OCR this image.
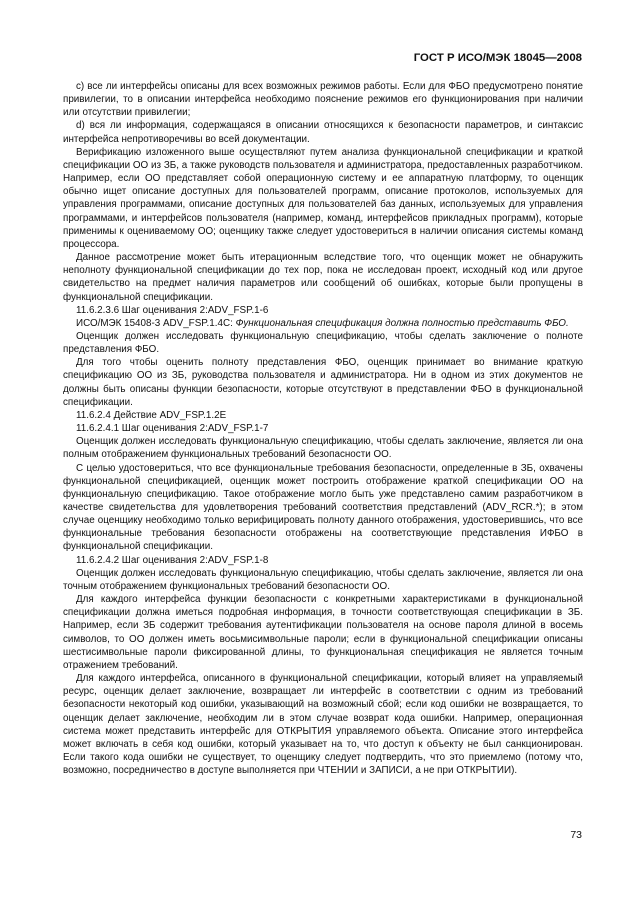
ГОСТ Р ИСО/МЭК 18045—2008

c) все ли интерфейсы описаны для всех возможных режимов работы. Если для ФБО предусмотрено понятие привилегии, то в описании интерфейса необходимо пояснение режимов его функционирования при наличии или отсутствии привилегии;

d) вся ли информация, содержащаяся в описании относящихся к безопасности параметров, и синтаксис интерфейса непротиворечивы во всей документации.

Верификацию изложенного выше осуществляют путем анализа функциональной спецификации и краткой спецификации ОО из ЗБ, а также руководств пользователя и администратора, предоставленных разработчиком. Например, если ОО представляет собой операционную систему и ее аппаратную платформу, то оценщик обычно ищет описание доступных для пользователей программ, описание протоколов, используемых для управления программами, описание доступных для пользователей баз данных, используемых для управления программами, и интерфейсов пользователя (например, команд, интерфейсов прикладных программ), которые применимы к оцениваемому ОО; оценщику также следует удостовериться в наличии описания системы команд процессора.

Данное рассмотрение может быть итерационным вследствие того, что оценщик может не обнаружить неполноту функциональной спецификации до тех пор, пока не исследован проект, исходный код или другое свидетельство на предмет наличия параметров или сообщений об ошибках, которые были пропущены в функциональной спецификации.

11.6.2.3.6 Шаг оценивания 2:ADV_FSP.1-6

ИСО/МЭК 15408-3 ADV_FSP.1.4С: Функциональная спецификация должна полностью представить ФБО.

Оценщик должен исследовать функциональную спецификацию, чтобы сделать заключение о полноте представления ФБО.

Для того чтобы оценить полноту представления ФБО, оценщик принимает во внимание краткую спецификацию ОО из ЗБ, руководства пользователя и администратора. Ни в одном из этих документов не должны быть описаны функции безопасности, которые отсутствуют в представлении ФБО в функциональной спецификации.

11.6.2.4 Действие ADV_FSP.1.2E

11.6.2.4.1 Шаг оценивания 2:ADV_FSP.1-7

Оценщик должен исследовать функциональную спецификацию, чтобы сделать заключение, является ли она полным отображением функциональных требований безопасности ОО.

С целью удостовериться, что все функциональные требования безопасности, определенные в ЗБ, охвачены функциональной спецификацией, оценщик может построить отображение краткой спецификации ОО на функциональную спецификацию. Такое отображение могло быть уже представлено самим разработчиком в качестве свидетельства для удовлетворения требований соответствия представлений (ADV_RCR.*); в этом случае оценщику необходимо только верифицировать полноту данного отображения, удостоверившись, что все функциональные требования безопасности отображены на соответствующие представления ИФБО в функциональной спецификации.

11.6.2.4.2 Шаг оценивания 2:ADV_FSP.1-8

Оценщик должен исследовать функциональную спецификацию, чтобы сделать заключение, является ли она точным отображением функциональных требований безопасности ОО.

Для каждого интерфейса функции безопасности с конкретными характеристиками в функциональной спецификации должна иметься подробная информация, в точности соответствующая спецификации в ЗБ. Например, если ЗБ содержит требования аутентификации пользователя на основе пароля длиной в восемь символов, то ОО должен иметь восьмисимвольные пароли; если в функциональной спецификации описаны шестисимвольные пароли фиксированной длины, то функциональная спецификация не является точным отражением требований.

Для каждого интерфейса, описанного в функциональной спецификации, который влияет на управляемый ресурс, оценщик делает заключение, возвращает ли интерфейс в соответствии с одним из требований безопасности некоторый код ошибки, указывающий на возможный сбой; если код ошибки не возвращается, то оценщик делает заключение, необходим ли в этом случае возврат кода ошибки. Например, операционная система может представить интерфейс для ОТКРЫТИЯ управляемого объекта. Описание этого интерфейса может включать в себя код ошибки, который указывает на то, что доступ к объекту не был санкционирован. Если такого кода ошибки не существует, то оценщику следует подтвердить, что это приемлемо (потому что, возможно, посредничество в доступе выполняется при ЧТЕНИИ и ЗАПИСИ, а не при ОТКРЫТИИ).

73
